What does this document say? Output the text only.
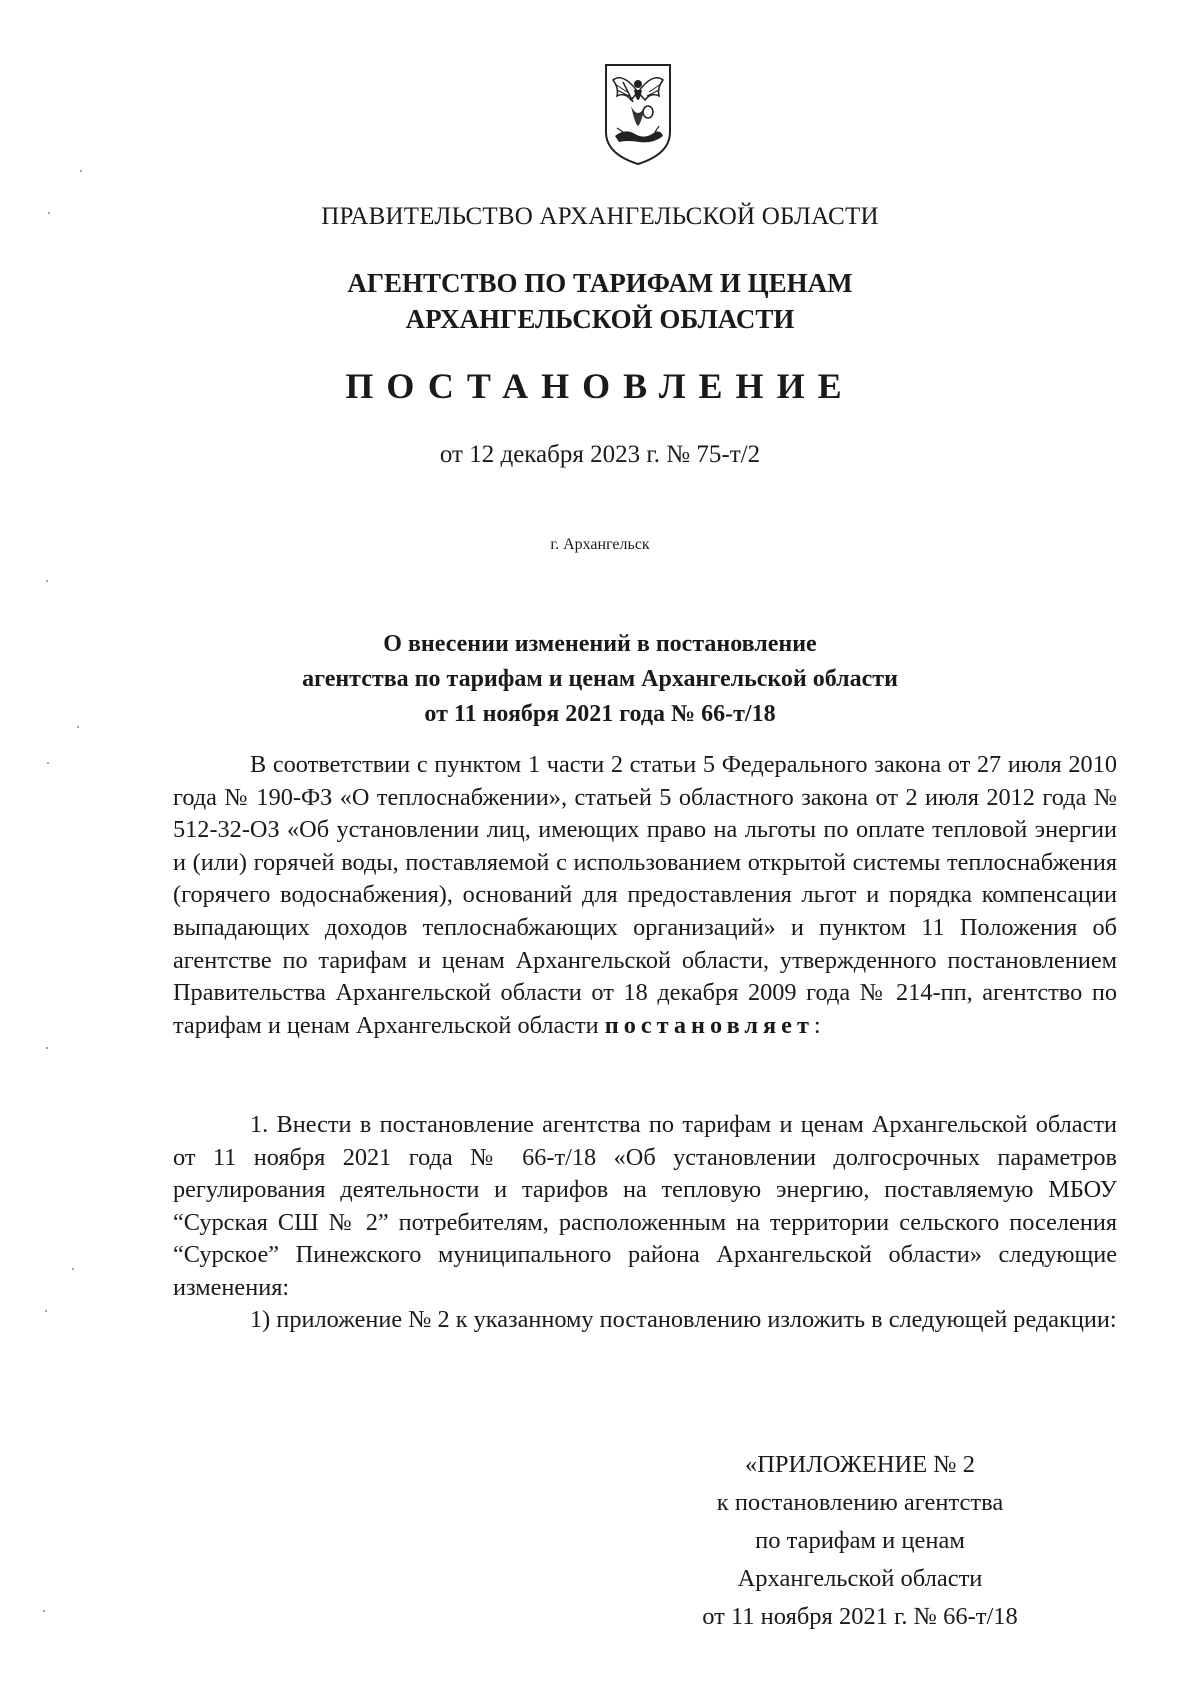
ПРАВИТЕЛЬСТВО АРХАНГЕЛЬСКОЙ ОБЛАСТИ
АГЕНТСТВО ПО ТАРИФАМ И ЦЕНАМ
АРХАНГЕЛЬСКОЙ ОБЛАСТИ
ПОСТАНОВЛЕНИЕ
от 12 декабря 2023 г. № 75-т/2
г. Архангельск
О внесении изменений в постановление
агентства по тарифам и ценам Архангельской области
от 11 ноября 2021 года № 66-т/18
В соответствии с пунктом 1 части 2 статьи 5 Федерального закона от 27 июля 2010 года № 190-ФЗ «О теплоснабжении», статьей 5 областного закона от 2 июля 2012 года № 512-32-ОЗ «Об установлении лиц, имеющих право на льготы по оплате тепловой энергии и (или) горячей воды, поставляемой с использованием открытой системы теплоснабжения (горячего водоснабжения), оснований для предоставления льгот и порядка компенсации выпадающих доходов теплоснабжающих организаций» и пунктом 11 Положения об агентстве по тарифам и ценам Архангельской области, утвержденного постановлением Правительства Архангельской области от 18 декабря 2009 года № 214-пп, агентство по тарифам и ценам Архангельской области постановляет:
1. Внести в постановление агентства по тарифам и ценам Архангельской области от 11 ноября 2021 года № 66-т/18 «Об установлении долгосрочных параметров регулирования деятельности и тарифов на тепловую энергию, поставляемую МБОУ “Сурская СШ № 2” потребителям, расположенным на территории сельского поселения “Сурское” Пинежского муниципального района Архангельской области» следующие изменения:
1) приложение № 2 к указанному постановлению изложить в следующей редакции:
«ПРИЛОЖЕНИЕ № 2
к постановлению агентства
по тарифам и ценам
Архангельской области
от 11 ноября 2021 г. № 66-т/18
